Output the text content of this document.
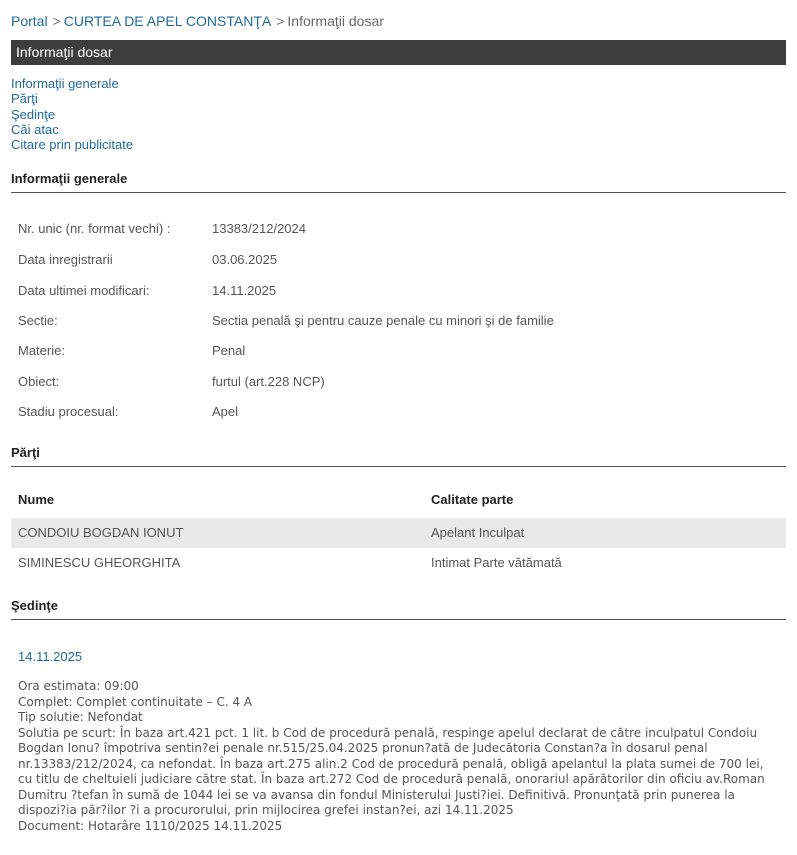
Portal > CURTEA DE APEL CONSTANŢA > Informaţii dosar
Informaţii dosar
Informaţii generale
Părţi
Şedinţe
Căi atac
Citare prin publicitate
Informaţii generale
Nr. unic (nr. format vechi) :	13383/212/2024
Data inregistrarii	03.06.2025
Data ultimei modificari:	14.11.2025
Sectie:	Sectia penală şi pentru cauze penale cu minori şi de familie
Materie:	Penal
Obiect:	furtul (art.228 NCP)
Stadiu procesual:	Apel
Părţi
Nume	Calitate parte
CONDOIU BOGDAN IONUT	Apelant Inculpat
SIMINESCU GHEORGHITA	Intimat Parte vătămată
Şedinţe
14.11.2025
Ora estimata: 09:00
Complet: Complet continuitate – C. 4 A
Tip solutie: Nefondat
Solutia pe scurt: În baza art.421 pct. 1 lit. b Cod de procedură penală, respinge apelul declarat de către inculpatul Condoiu
Bogdan Ionu? împotriva sentin?ei penale nr.515/25.04.2025 pronun?ată de Judecătoria Constan?a în dosarul penal
nr.13383/212/2024, ca nefondat. În baza art.275 alin.2 Cod de procedură penală, obligă apelantul la plata sumei de 700 lei,
cu titlu de cheltuieli judiciare către stat. În baza art.272 Cod de procedură penală, onorariul apărătorilor din oficiu av.Roman
Dumitru ?tefan în sumă de 1044 lei se va avansa din fondul Ministerului Justi?iei. Definitivă. Pronunţată prin punerea la
dispozi?ia păr?ilor ?i a procurorului, prin mijlocirea grefei instan?ei, azi 14.11.2025
Document: Hotarâre 1110/2025 14.11.2025
